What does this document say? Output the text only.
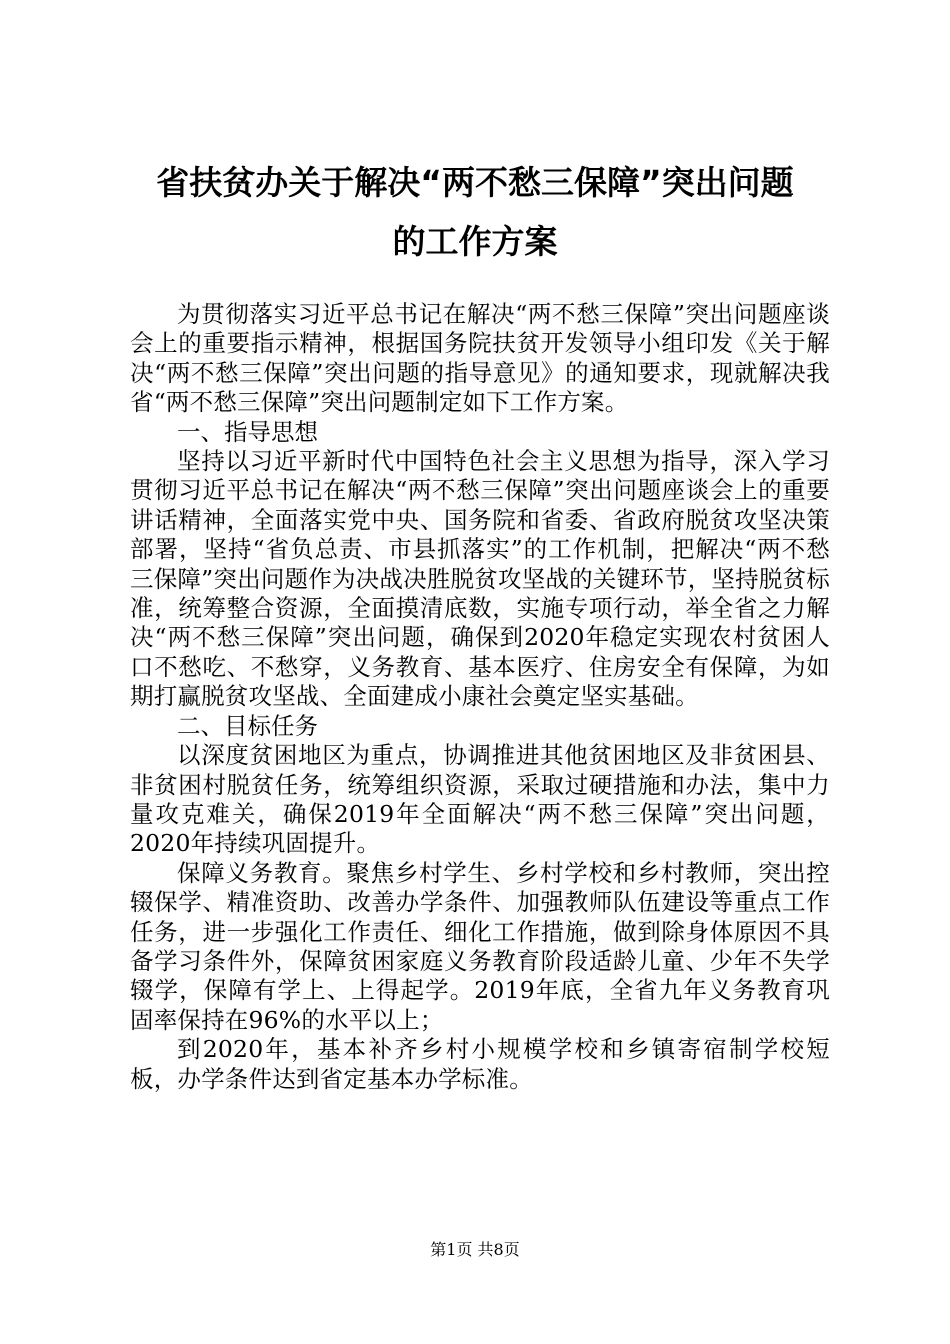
省扶贫办关于解决“两不愁三保障”突出问题
的工作方案

为贯彻落实习近平总书记在解决“两不愁三保障”突出问题座谈会上的重要指示精神，根据国务院扶贫开发领导小组印发《关于解决“两不愁三保障”突出问题的指导意见》的通知要求，现就解决我省“两不愁三保障”突出问题制定如下工作方案。

一、指导思想

坚持以习近平新时代中国特色社会主义思想为指导，深入学习贯彻习近平总书记在解决“两不愁三保障”突出问题座谈会上的重要讲话精神，全面落实党中央、国务院和省委、省政府脱贫攻坚决策部署，坚持“省负总责、市县抓落实”的工作机制，把解决“两不愁三保障”突出问题作为决战决胜脱贫攻坚战的关键环节，坚持脱贫标准，统筹整合资源，全面摸清底数，实施专项行动，举全省之力解决“两不愁三保障”突出问题，确保到2020年稳定实现农村贫困人口不愁吃、不愁穿，义务教育、基本医疗、住房安全有保障，为如期打赢脱贫攻坚战、全面建成小康社会奠定坚实基础。

二、目标任务

以深度贫困地区为重点，协调推进其他贫困地区及非贫困县、非贫困村脱贫任务，统筹组织资源，采取过硬措施和办法，集中力量攻克难关，确保2019年全面解决“两不愁三保障”突出问题，2020年持续巩固提升。

保障义务教育。聚焦乡村学生、乡村学校和乡村教师，突出控辍保学、精准资助、改善办学条件、加强教师队伍建设等重点工作任务，进一步强化工作责任、细化工作措施，做到除身体原因不具备学习条件外，保障贫困家庭义务教育阶段适龄儿童、少年不失学辍学，保障有学上、上得起学。2019年底，全省九年义务教育巩固率保持在96%的水平以上；

到2020年，基本补齐乡村小规模学校和乡镇寄宿制学校短板，办学条件达到省定基本办学标准。

第1页 共8页
